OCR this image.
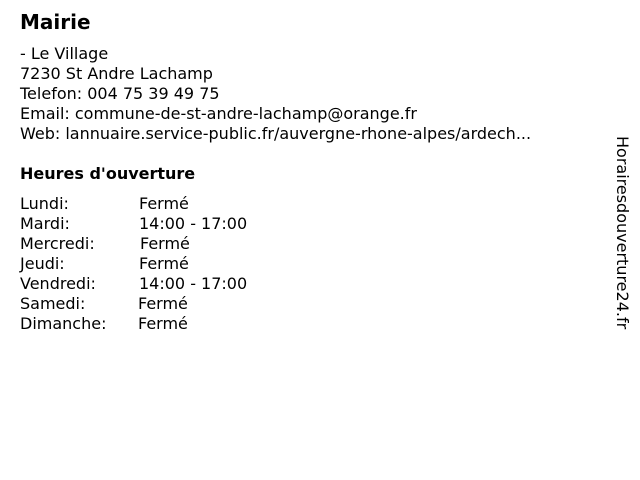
Mairie
- Le Village
7230 St Andre Lachamp
Telefon: 004 75 39 49 75
Email: commune-de-st-andre-lachamp@orange.fr
Web: lannuaire.service-public.fr/auvergne-rhone-alpes/ardech...
Heures d'ouverture
Lundi:	Fermé
Mardi:	14:00 - 17:00
Mercredi:	Fermé
Jeudi:	Fermé
Vendredi:	14:00 - 17:00
Samedi:	Fermé
Dimanche: Fermé	Horairesdouverture24.fr
